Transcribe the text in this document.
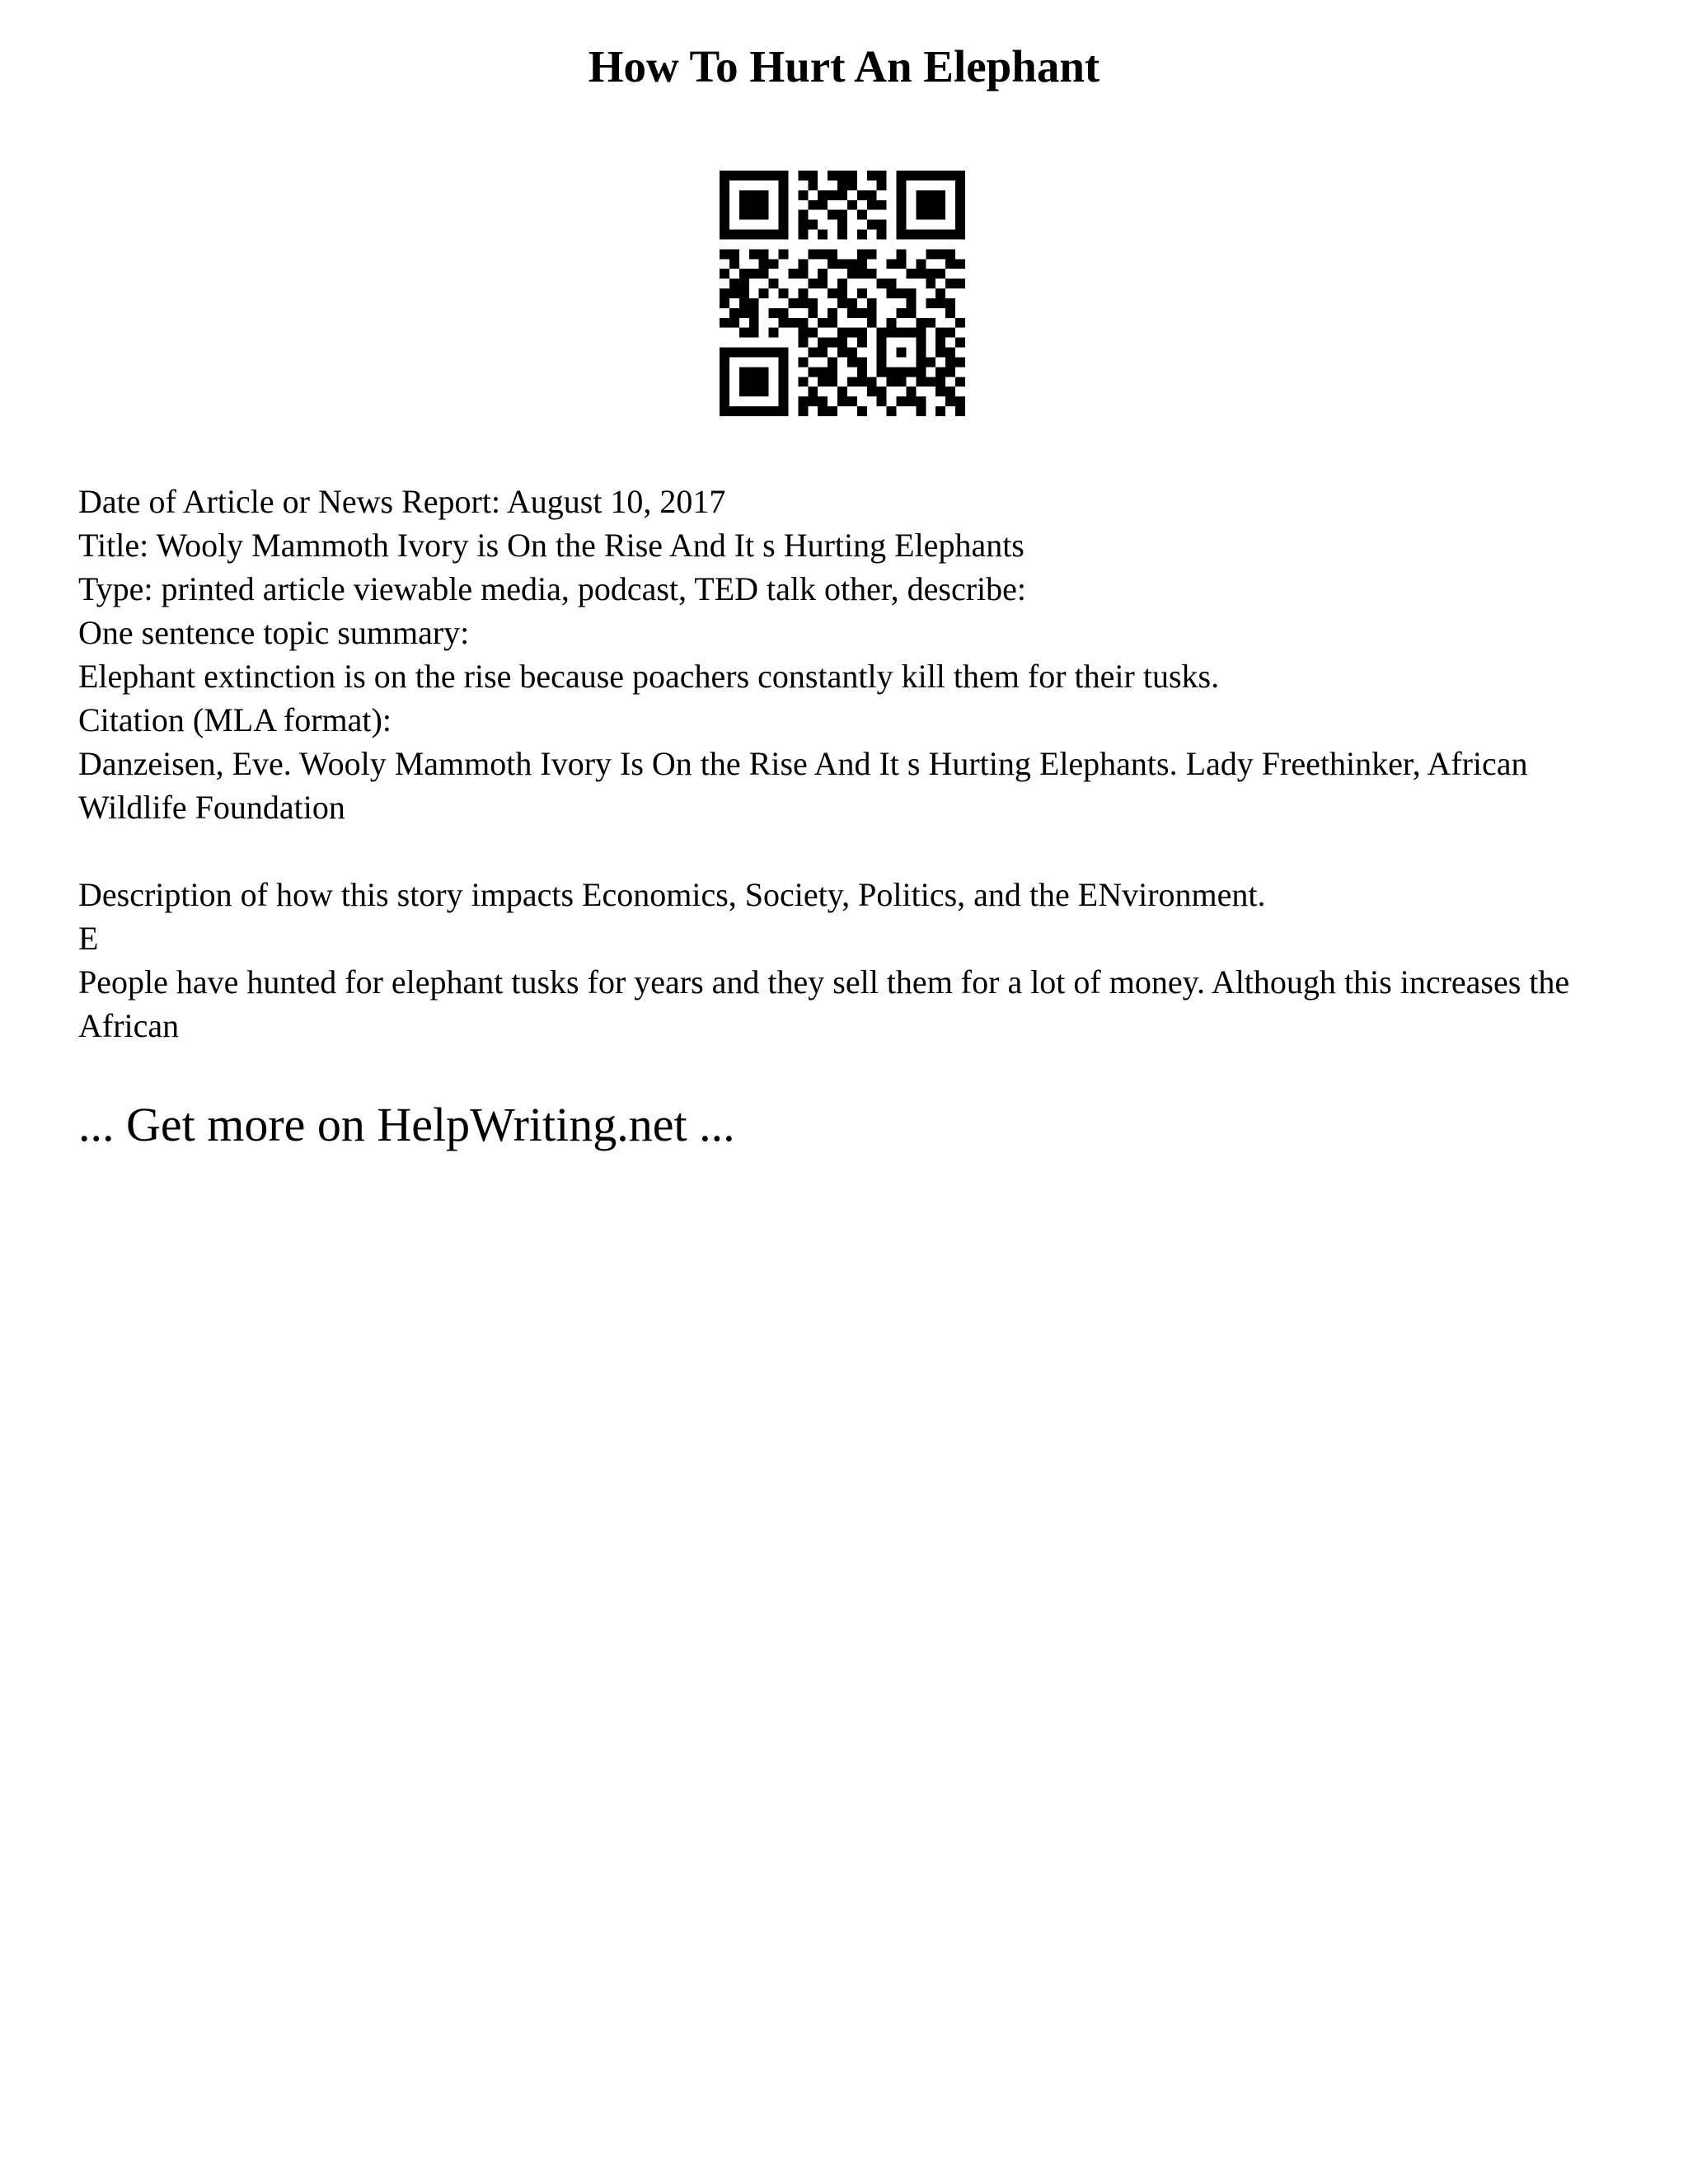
How To Hurt An Elephant
Date of Article or News Report: August 10, 2017
Title: Wooly Mammoth Ivory is On the Rise And It s Hurting Elephants
Type: printed article viewable media, podcast, TED talk other, describe:
One sentence topic summary:
Elephant extinction is on the rise because poachers constantly kill them for their tusks.
Citation (MLA format):
Danzeisen, Eve. Wooly Mammoth Ivory Is On the Rise And It s Hurting Elephants. Lady Freethinker, African Wildlife Foundation
Description of how this story impacts Economics, Society, Politics, and the ENvironment.
E
People have hunted for elephant tusks for years and they sell them for a lot of money. Although this increases the African
... Get more on HelpWriting.net ...
